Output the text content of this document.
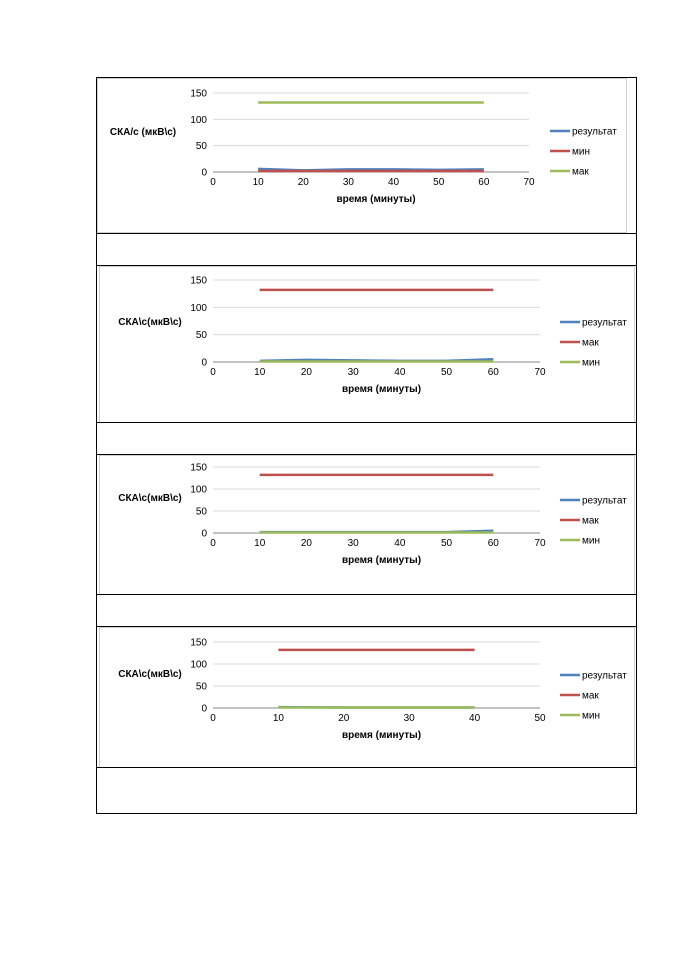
0
50
100
150
0	10	20	30	40	50	60	70
СКА/с (мкВ\с)
время (минуты)
результат
мин
мак
0
50
100
150
0	10	20	30	40	50	60	70
СКА\с(мкВ\с)
время (минуты)
результат
мак
мин
0
50
100
150
0	10	20	30	40	50	60	70
СКА\с(мкВ\с)
время (минуты)
результат
мак
мин
0
50
100
150
0	10	20	30	40	50
СКА\с(мкВ\с)
время (минуты)
результат
мак
мин
